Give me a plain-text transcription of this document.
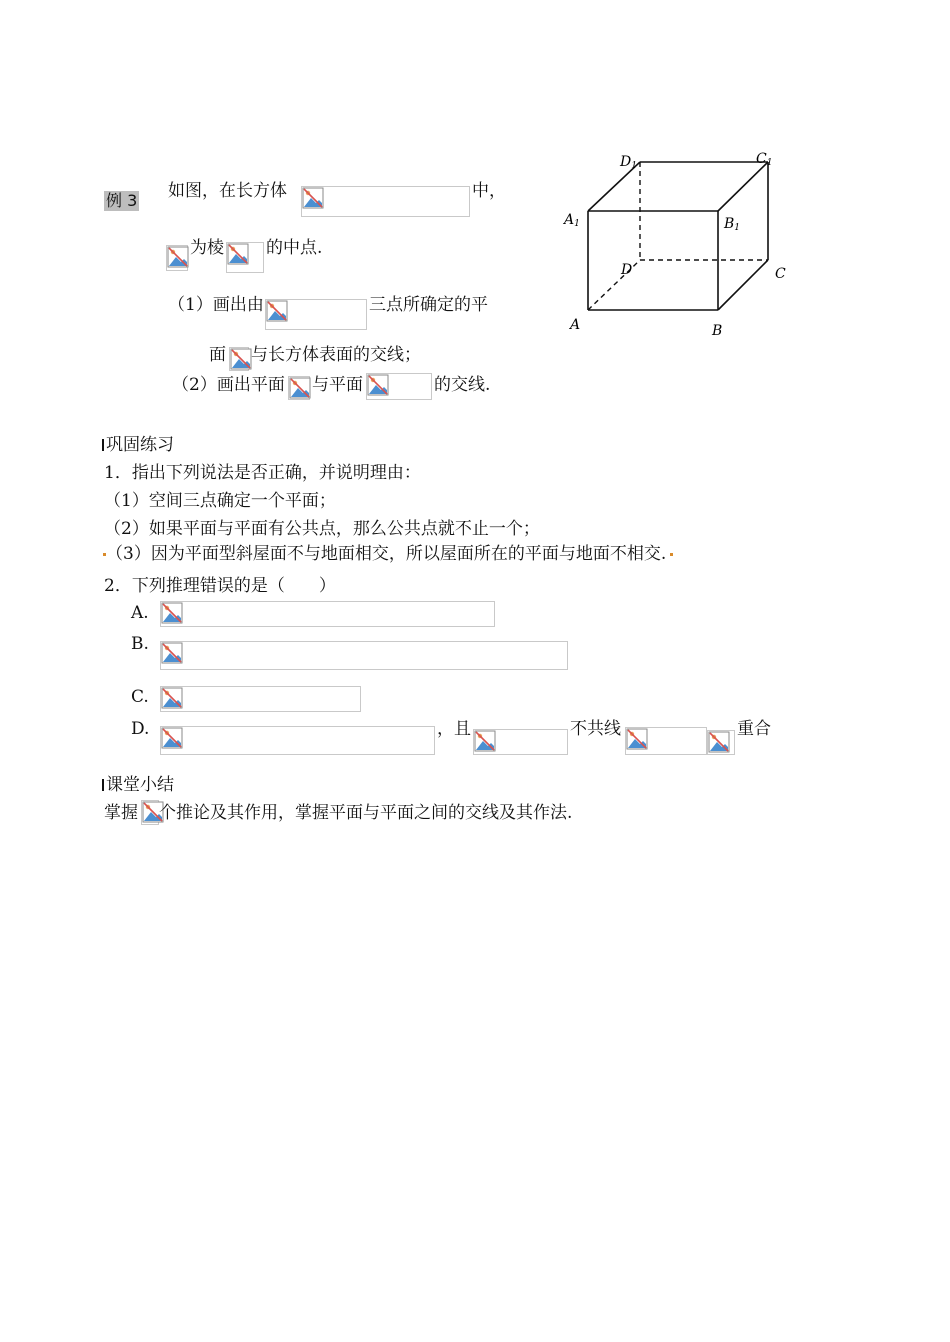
例 3 如图，在长方体	中，
为棱 的中点.
（1）画出由	三点所确定的平
面 与长方体表面的交线；
（2）画出平面 与平面	的交线.
D1	C1
A1	B1
D	C
A	B
巩固练习
1．指出下列说法是否正确，并说明理由：
（1）空间三点确定一个平面；
（2）如果平面与平面有公共点，那么公共点就不止一个；
（3）因为平面型斜屋面不与地面相交，所以屋面所在的平面与地面不相交.
2．下列推理错误的是（　　）
A.
B.
C.
D.	，且	不共线	重合
课堂小结
掌握 个推论及其作用，掌握平面与平面之间的交线及其作法.
